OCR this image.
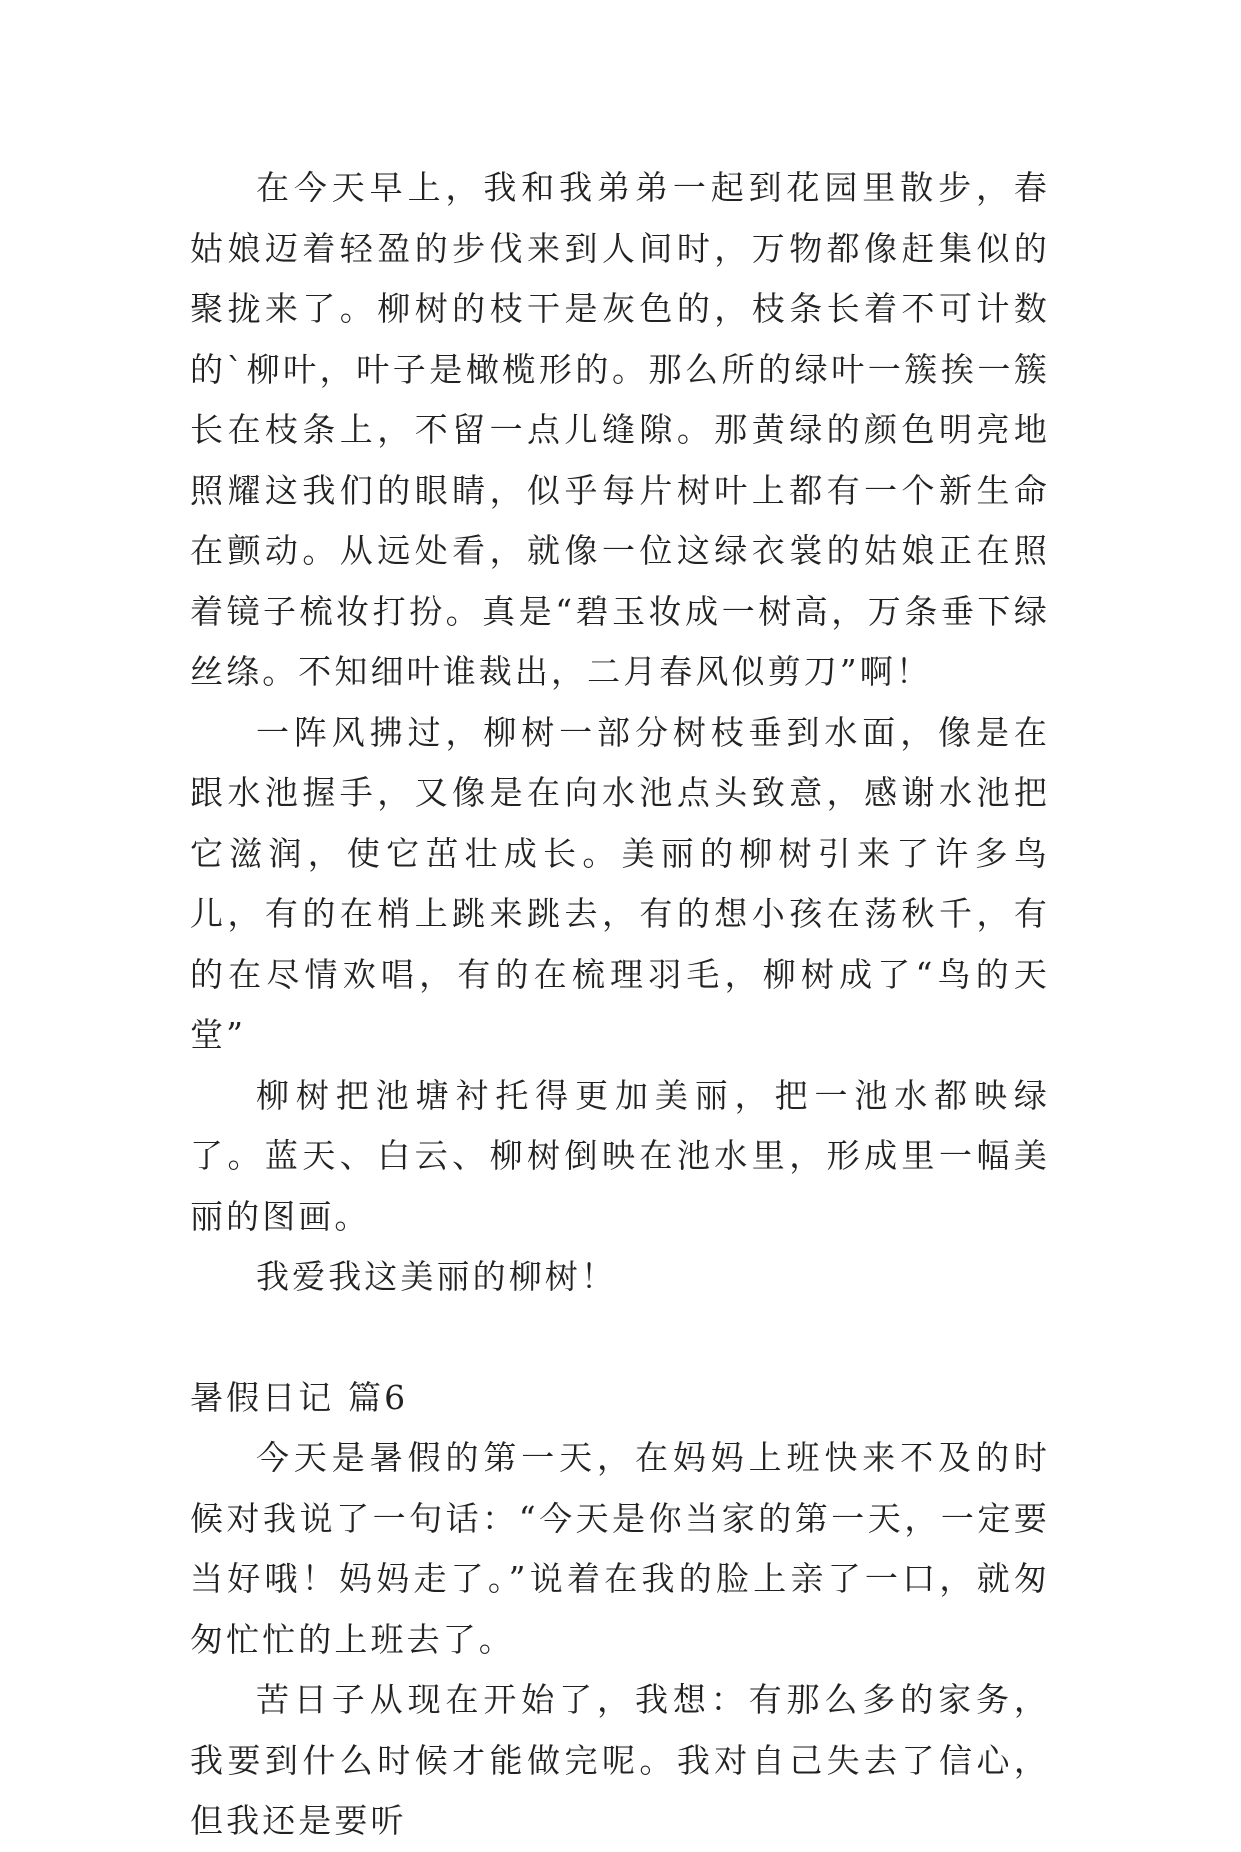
在今天早上，我和我弟弟一起到花园里散步，春姑娘迈着轻盈的步伐来到人间时，万物都像赶集似的聚拢来了。柳树的枝干是灰色的，枝条长着不可计数的`柳叶，叶子是橄榄形的。那么所的绿叶一簇挨一簇长在枝条上，不留一点儿缝隙。那黄绿的颜色明亮地照耀这我们的眼睛，似乎每片树叶上都有一个新生命在颤动。从远处看，就像一位这绿衣裳的姑娘正在照着镜子梳妆打扮。真是“碧玉妆成一树高，万条垂下绿丝绦。不知细叶谁裁出，二月春风似剪刀”啊！

一阵风拂过，柳树一部分树枝垂到水面，像是在跟水池握手，又像是在向水池点头致意，感谢水池把它滋润，使它茁壮成长。美丽的柳树引来了许多鸟儿，有的在梢上跳来跳去，有的想小孩在荡秋千，有的在尽情欢唱，有的在梳理羽毛，柳树成了“鸟的天堂”

柳树把池塘衬托得更加美丽，把一池水都映绿了。蓝天、白云、柳树倒映在池水里，形成里一幅美丽的图画。

我爱我这美丽的柳树！

暑假日记 篇6

今天是暑假的第一天，在妈妈上班快来不及的时候对我说了一句话：“今天是你当家的第一天，一定要当好哦！妈妈走了。”说着在我的脸上亲了一口，就匆匆忙忙的上班去了。

苦日子从现在开始了，我想：有那么多的家务，我要到什么时候才能做完呢。我对自己失去了信心，但我还是要听
